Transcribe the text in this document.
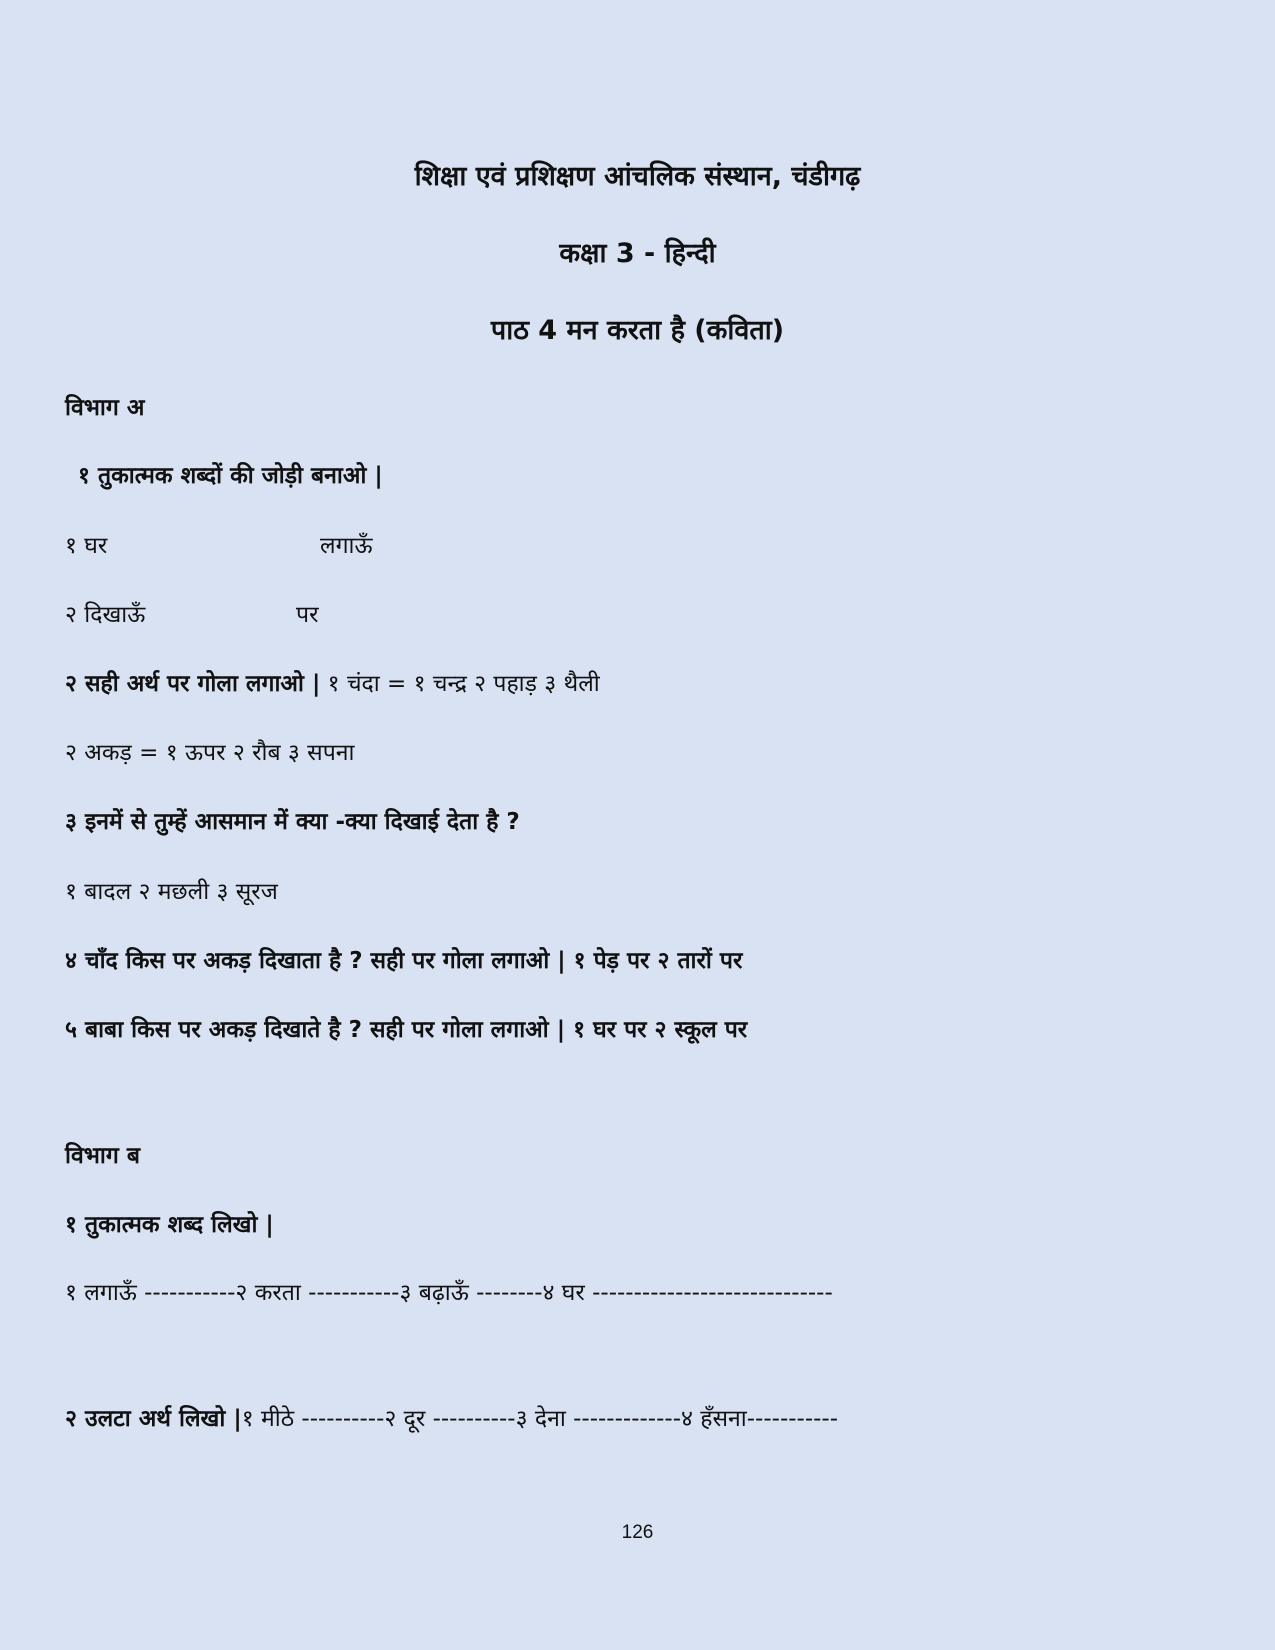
शिक्षा एवं प्रशिक्षण आंचलिक संस्थान, चंडीगढ़
कक्षा 3 - हिन्दी
पाठ 4 मन करता है (कविता)
विभाग अ
१ तुकात्मक शब्दों की जोड़ी बनाओ |
१ घर	लगाऊँ
२ दिखाऊँ	पर
२ सही अर्थ पर गोला लगाओ | १ चंदा = १ चन्द्र २ पहाड़ ३ थैली
२ अकड़ = १ ऊपर २ रौब ३ सपना
३ इनमें से तुम्हें आसमान में क्या -क्या दिखाई देता है ?
१ बादल २ मछली ३ सूरज
४ चाँद किस पर अकड़ दिखाता है ? सही पर गोला लगाओ | १ पेड़ पर २ तारों पर
५ बाबा किस पर अकड़ दिखाते है ? सही पर गोला लगाओ | १ घर पर २ स्कूल पर
विभाग ब
१ तुकात्मक शब्द लिखो |
१ लगाऊँ -----------२ करता -----------३ बढ़ाऊँ --------४ घर -----------------------------
२ उलटा अर्थ लिखो |१ मीठे ----------२ दूर ----------३ देना -------------४ हँसना-----------
126
